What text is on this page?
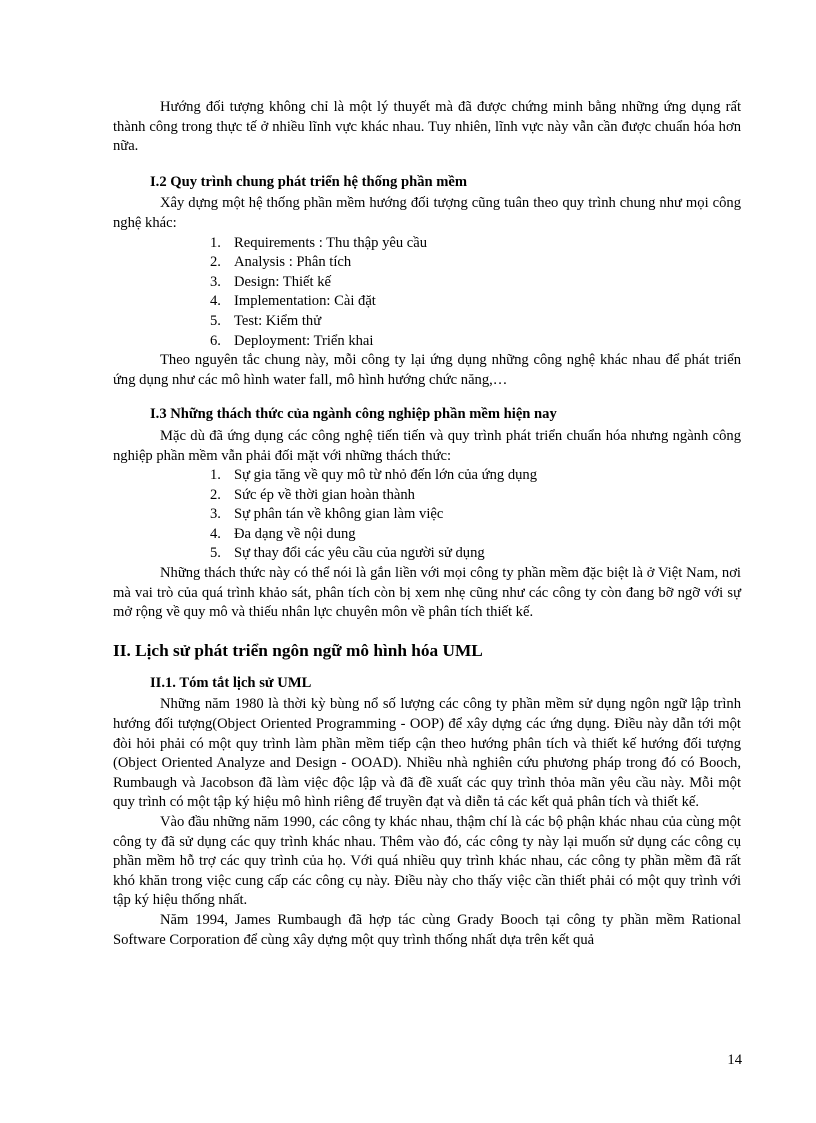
Hướng đối tượng không chỉ là một lý thuyết mà đã được chứng minh bằng những ứng dụng rất thành công trong thực tế ở nhiều lĩnh vực khác nhau. Tuy nhiên, lĩnh vực này vẫn cần được chuẩn hóa hơn nữa.

I.2 Quy trình chung phát triển hệ thống phần mềm

Xây dựng một hệ thống phần mềm hướng đối tượng cũng tuân theo quy trình chung như mọi công nghệ khác:

1. Requirements : Thu thập yêu cầu
2. Analysis : Phân tích
3. Design: Thiết kế
4. Implementation: Cài đặt
5. Test: Kiểm thử
6. Deployment: Triển khai

Theo nguyên tắc chung này, mỗi công ty lại ứng dụng những công nghệ khác nhau để phát triển ứng dụng như các mô hình water fall, mô hình hướng chức năng,…

I.3 Những thách thức của ngành công nghiệp phần mềm hiện nay

Mặc dù đã ứng dụng các công nghệ tiến tiến và quy trình phát triển chuẩn hóa nhưng ngành công nghiệp phần mềm vẫn phải đối mặt với những thách thức:

1. Sự gia tăng về quy mô từ nhỏ đến lớn của ứng dụng
2. Sức ép về thời gian hoàn thành
3. Sự phân tán về không gian làm việc
4. Đa dạng về nội dung
5. Sự thay đổi các yêu cầu của người sử dụng

Những thách thức này có thể nói là gắn liền với mọi công ty phần mềm đặc biệt là ở Việt Nam, nơi mà vai trò của quá trình khảo sát, phân tích còn bị xem nhẹ cũng như các công ty còn đang bỡ ngỡ với sự mở rộng về quy mô và thiếu nhân lực chuyên môn về phân tích thiết kế.

II. Lịch sử phát triển ngôn ngữ mô hình hóa UML
II.1. Tóm tắt lịch sử UML

Những năm 1980 là thời kỳ bùng nổ số lượng các công ty phần mềm sử dụng ngôn ngữ lập trình hướng đối tượng(Object Oriented Programming - OOP) để xây dựng các ứng dụng. Điều này dẫn tới một đòi hỏi phải có một quy trình làm phần mềm tiếp cận theo hướng phân tích và thiết kế hướng đối tượng (Object Oriented Analyze and Design - OOAD). Nhiều nhà nghiên cứu phương pháp trong đó có Booch, Rumbaugh và Jacobson đã làm việc độc lập và đã đề xuất các quy trình thỏa mãn yêu cầu này. Mỗi một quy trình có một tập ký hiệu mô hình riêng để truyền đạt và diễn tả các kết quả phân tích và thiết kế.

Vào đầu những năm 1990, các công ty khác nhau, thậm chí là các bộ phận khác nhau của cùng một công ty đã sử dụng các quy trình khác nhau. Thêm vào đó, các công ty này lại muốn sử dụng các công cụ phần mềm hỗ trợ các quy trình của họ. Với quá nhiều quy trình khác nhau, các công ty phần mềm đã rất khó khăn trong việc cung cấp các công cụ này. Điều này cho thấy việc cần thiết phải có một quy trình với tập ký hiệu thống nhất.

Năm 1994, James Rumbaugh đã hợp tác cùng Grady Booch tại công ty phần mềm Rational Software Corporation để cùng xây dựng một quy trình thống nhất dựa trên kết quả

14
